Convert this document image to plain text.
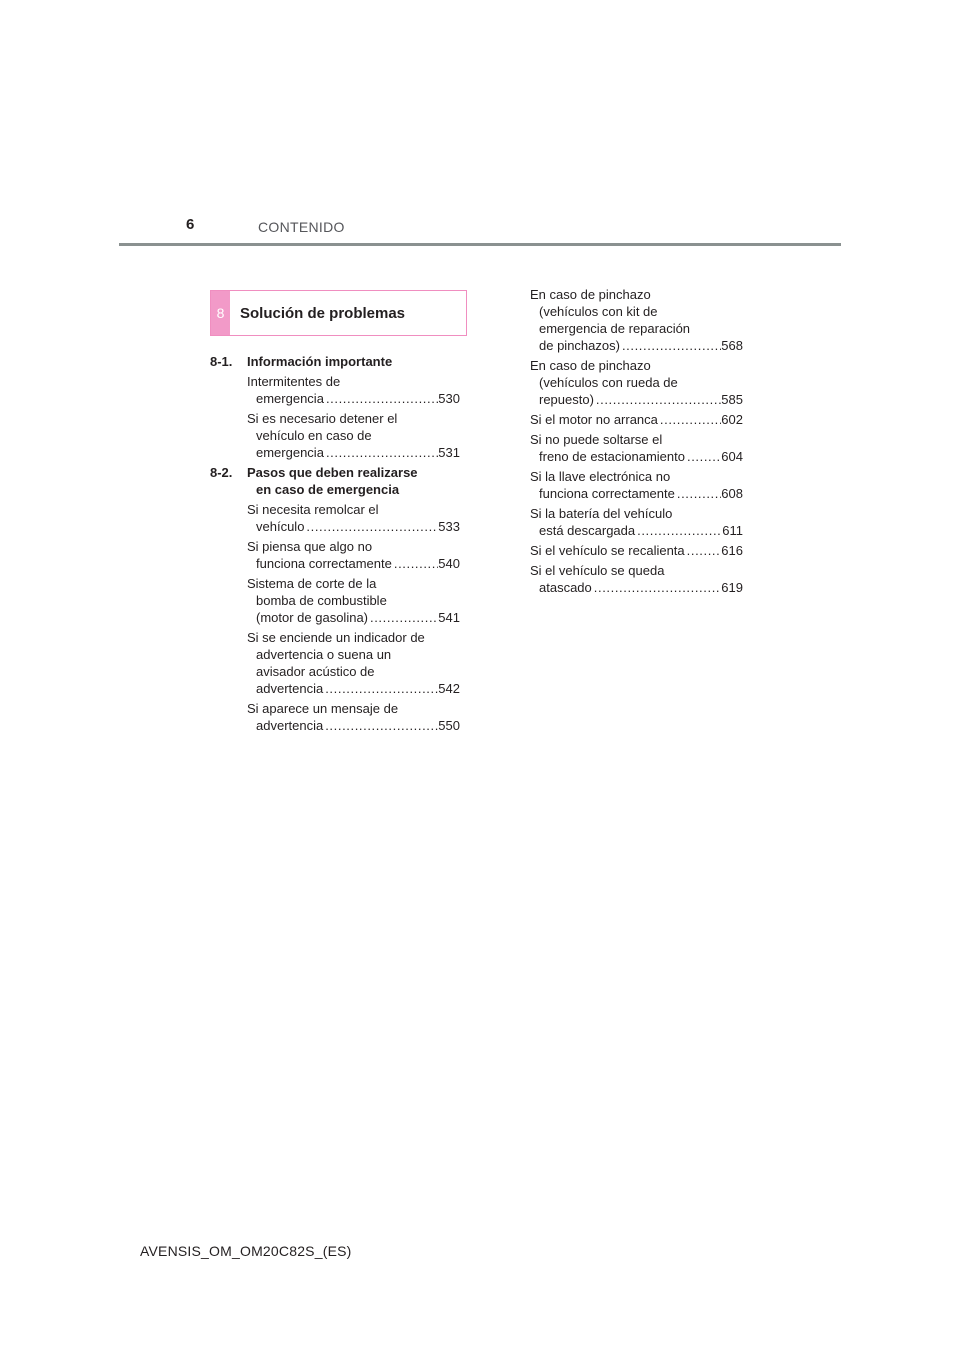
6	CONTENIDO
8	Solución de problemas
8-1.	Información importante
Intermitentes de
emergencia .....	530
Si es necesario detener el
vehículo en caso de
emergencia .....	531
8-2.	Pasos que deben realizarse
en caso de emergencia
Si necesita remolcar el
vehículo .....	533
Si piensa que algo no
funciona correctamente .....	540
Sistema de corte de la
bomba de combustible
(motor de gasolina) .....	541
Si se enciende un indicador de
advertencia o suena un
avisador acústico de
advertencia .....	542
Si aparece un mensaje de
advertencia .....	550
En caso de pinchazo
(vehículos con kit de
emergencia de reparación
de pinchazos) .....	568
En caso de pinchazo
(vehículos con rueda de
repuesto) .....	585
Si el motor no arranca .....	602
Si no puede soltarse el
freno de estacionamiento .....	604
Si la llave electrónica no
funciona correctamente .....	608
Si la batería del vehículo
está descargada .....	611
Si el vehículo se recalienta .....	616
Si el vehículo se queda
atascado .....	619
AVENSIS_OM_OM20C82S_(ES)
